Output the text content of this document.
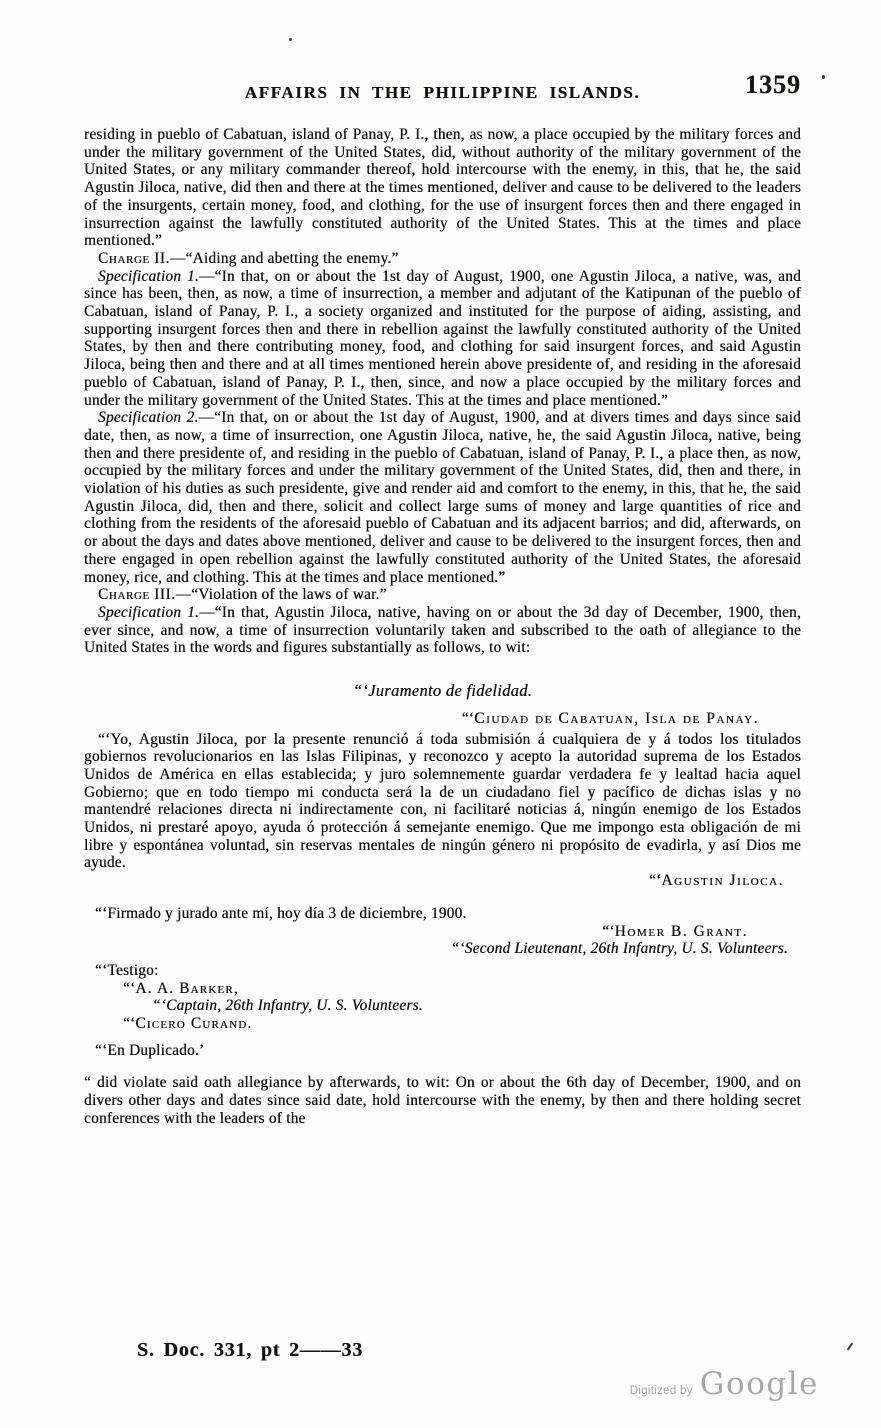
AFFAIRS IN THE PHILIPPINE ISLANDS.	1359

residing in pueblo of Cabatuan, island of Panay, P. I., then, as now, a place occupied by the military forces and under the military government of the United States, did, without authority of the military government of the United States, or any military commander thereof, hold intercourse with the enemy, in this, that he, the said Agustin Jiloca, native, did then and there at the times mentioned, deliver and cause to be delivered to the leaders of the insurgents, certain money, food, and clothing, for the use of insurgent forces then and there engaged in insurrection against the lawfully constituted authority of the United States. This at the times and place mentioned.”

Charge II.—“Aiding and abetting the enemy.”

Specification 1.—“In that, on or about the 1st day of August, 1900, one Agustin Jiloca, a native, was, and since has been, then, as now, a time of insurrection, a member and adjutant of the Katipunan of the pueblo of Cabatuan, island of Panay, P. I., a society organized and instituted for the purpose of aiding, assisting, and supporting insurgent forces then and there in rebellion against the lawfully constituted authority of the United States, by then and there contributing money, food, and clothing for said insurgent forces, and said Agustin Jiloca, being then and there and at all times mentioned herein above presidente of, and residing in the aforesaid pueblo of Cabatuan, island of Panay, P. I., then, since, and now a place occupied by the military forces and under the military government of the United States. This at the times and place mentioned.”

Specification 2.—“In that, on or about the 1st day of August, 1900, and at divers times and days since said date, then, as now, a time of insurrection, one Agustin Jiloca, native, he, the said Agustin Jiloca, native, being then and there presidente of, and residing in the pueblo of Cabatuan, island of Panay, P. I., a place then, as now, occupied by the military forces and under the military government of the United States, did, then and there, in violation of his duties as such presidente, give and render aid and comfort to the enemy, in this, that he, the said Agustin Jiloca, did, then and there, solicit and collect large sums of money and large quantities of rice and clothing from the residents of the aforesaid pueblo of Cabatuan and its adjacent barrios; and did, afterwards, on or about the days and dates above mentioned, deliver and cause to be delivered to the insurgent forces, then and there engaged in open rebellion against the lawfully constituted authority of the United States, the aforesaid money, rice, and clothing. This at the times and place mentioned.”

Charge III.—“Violation of the laws of war.”

Specification 1.—“In that, Agustin Jiloca, native, having on or about the 3d day of December, 1900, then, ever since, and now, a time of insurrection voluntarily taken and subscribed to the oath of allegiance to the United States in the words and figures substantially as follows, to wit:

“‘Juramento de fidelidad.

“‘Ciudad de Cabatuan, Isla de Panay.

“‘Yo, Agustin Jiloca, por la presente renunció á toda submisión á cualquiera de y á todos los titulados gobiernos revolucionarios en las Islas Filipinas, y reconozco y acepto la autoridad suprema de los Estados Unidos de América en ellas establecida; y juro solemnemente guardar verdadera fe y lealtad hacia aquel Gobierno; que en todo tiempo mi conducta será la de un ciudadano fiel y pacífico de dichas islas y no mantendré relaciones directa ni indirectamente con, ni facilitaré noticias á, ningún enemigo de los Estados Unidos, ni prestaré apoyo, ayuda ó protección á semejante enemigo. Que me impongo esta obligación de mi libre y espontánea voluntad, sin reservas mentales de ningún género ni propósito de evadirla, y así Dios me ayude.

“‘Agustin Jiloca.

“‘Firmado y jurado ante mí, hoy día 3 de diciembre, 1900.

“‘Homer B. Grant.

“‘Second Lieutenant, 26th Infantry, U. S. Volunteers.

“‘Testigo:

“‘A. A. Barker,

“‘Captain, 26th Infantry, U. S. Volunteers.

“‘Cicero Curand.

“‘En Duplicado.’

“ did violate said oath allegiance by afterwards, to wit: On or about the 6th day of December, 1900, and on divers other days and dates since said date, hold intercourse with the enemy, by then and there holding secret conferences with the leaders of the

S. Doc. 331, pt 2——33
Digitized by Google
